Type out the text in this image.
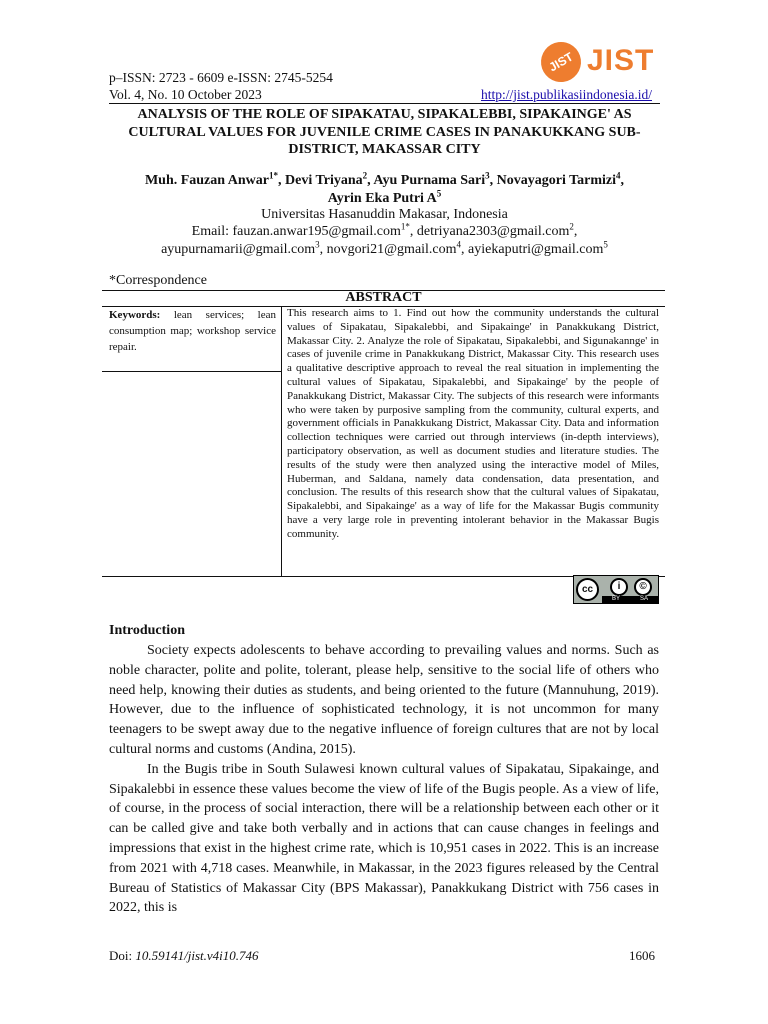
p–ISSN: 2723 - 6609 e-ISSN: 2745-5254
Vol. 4, No. 10 October 2023	http://jist.publikasiindonesia.id/
JIST JIST
ANALYSIS OF THE ROLE OF SIPAKATAU, SIPAKALEBBI, SIPAKAINGE' AS CULTURAL VALUES FOR JUVENILE CRIME CASES IN PANAKUKKANG SUB-DISTRICT, MAKASSAR CITY
Muh. Fauzan Anwar$^{1*}$, Devi Triyana$^2$, Ayu Purnama Sari$^3$, Novayagori Tarmizi$^4$,
Ayrin Eka Putri $A^5$
Universitas Hasanuddin Makasar, Indonesia
Email: fauzan.anwar195@gmail.com$^{1*}$, detriyana2303@gmail.com$^2$,
ayupurnamarii@gmail.com$^3$, novgori21@gmail.com$^4$, ayiekaputri@gmail.com$^5$
*Correspondence
ABSTRACT
Keywords: lean services; lean consumption map; workshop service repair.
This research aims to 1. Find out how the community understands the cultural values of Sipakatau, Sipakalebbi, and Sipakainge' in Panakkukang District, Makassar City. 2. Analyze the role of Sipakatau, Sipakalebbi, and Sigunakannge' in cases of juvenile crime in Panakkukang District, Makassar City. This research uses a qualitative descriptive approach to reveal the real situation in implementing the cultural values of Sipakatau, Sipakalebbi, and Sipakainge' by the people of Panakkukang District, Makassar City. The subjects of this research were informants who were taken by purposive sampling from the community, cultural experts, and government officials in Panakkukang District, Makassar City. Data and information collection techniques were carried out through interviews (in-depth interviews), participatory observation, as well as document studies and literature studies. The results of the study were then analyzed using the interactive model of Miles, Huberman, and Saldana, namely data condensation, data presentation, and conclusion. The results of this research show that the cultural values of Sipakatau, Sipakalebbi, and Sipakainge' as a way of life for the Makassar Bugis community have a very large role in preventing intolerant behavior in the Makassar Bugis community.
cc	i	©
BY	SA
Introduction

Society expects adolescents to behave according to prevailing values and norms. Such as noble character, polite and polite, tolerant, please help, sensitive to the social life of others who need help, knowing their duties as students, and being oriented to the future (Mannuhung, 2019). However, due to the influence of sophisticated technology, it is not uncommon for many teenagers to be swept away due to the negative influence of foreign cultures that are not by local cultural norms and customs (Andina, 2015).

In the Bugis tribe in South Sulawesi known cultural values of Sipakatau, Sipakainge, and Sipakalebbi in essence these values become the view of life of the Bugis people. As a view of life, of course, in the process of social interaction, there will be a relationship between each other or it can be called give and take both verbally and in actions that can cause changes in feelings and impressions that exist in the highest crime rate, which is 10,951 cases in 2022. This is an increase from 2021 with 4,718 cases. Meanwhile, in Makassar, in the 2023 figures released by the Central Bureau of Statistics of Makassar City (BPS Makassar), Panakkukang District with 756 cases in 2022, this is

Doi: 10.59141/jist.v4i10.746	1606
